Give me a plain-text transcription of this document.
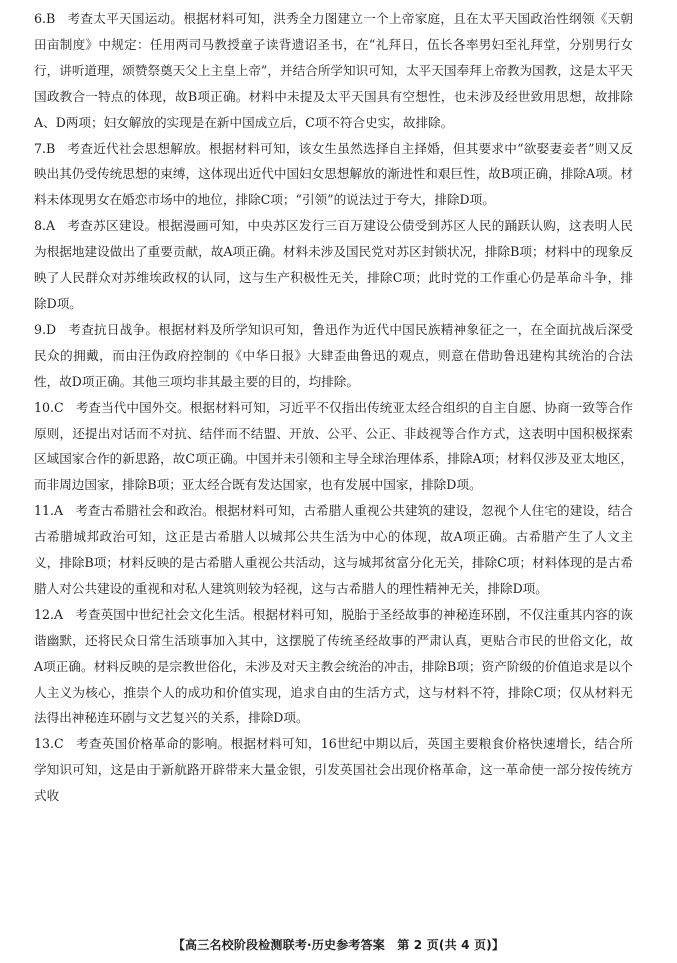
6.B 考查太平天国运动。根据材料可知，洪秀全力图建立一个上帝家庭，且在太平天国政治性纲领《天朝田亩制度》中规定：任用两司马教授童子读背遗诏圣书，在“礼拜日，伍长各率男妇至礼拜堂，分别男行女行，讲听道理，颂赞祭奠天父上主皇上帝”，并结合所学知识可知，太平天国奉拜上帝教为国教，这是太平天国政教合一特点的体现，故B项正确。材料中未提及太平天国具有空想性，也未涉及经世致用思想，故排除A、D两项；妇女解放的实现是在新中国成立后，C项不符合史实，故排除。

7.B 考查近代社会思想解放。根据材料可知，该女生虽然选择自主择婚，但其要求中“欲娶妻妾者”则又反映出其仍受传统思想的束缚，这体现出近代中国妇女思想解放的渐进性和艰巨性，故B项正确，排除A项。材料未体现男女在婚恋市场中的地位，排除C项；“引领”的说法过于夸大，排除D项。

8.A 考查苏区建设。根据漫画可知，中央苏区发行三百万建设公债受到苏区人民的踊跃认购，这表明人民为根据地建设做出了重要贡献，故A项正确。材料未涉及国民党对苏区封锁状况，排除B项；材料中的现象反映了人民群众对苏维埃政权的认同，这与生产积极性无关，排除C项；此时党的工作重心仍是革命斗争，排除D项。

9.D 考查抗日战争。根据材料及所学知识可知，鲁迅作为近代中国民族精神象征之一，在全面抗战后深受民众的拥戴，而由汪伪政府控制的《中华日报》大肆歪曲鲁迅的观点，则意在借助鲁迅建构其统治的合法性，故D项正确。其他三项均非其最主要的目的，均排除。

10.C 考查当代中国外交。根据材料可知，习近平不仅指出传统亚太经合组织的自主自愿、协商一致等合作原则，还提出对话而不对抗、结伴而不结盟、开放、公平、公正、非歧视等合作方式，这表明中国积极探索区域国家合作的新思路，故C项正确。中国并未引领和主导全球治理体系，排除A项；材料仅涉及亚太地区，而非周边国家，排除B项；亚太经合既有发达国家，也有发展中国家，排除D项。

11.A 考查古希腊社会和政治。根据材料可知，古希腊人重视公共建筑的建设，忽视个人住宅的建设，结合古希腊城邦政治可知，这正是古希腊人以城邦公共生活为中心的体现，故A项正确。古希腊产生了人文主义，排除B项；材料反映的是古希腊人重视公共活动，这与城邦贫富分化无关，排除C项；材料体现的是古希腊人对公共建设的重视和对私人建筑则较为轻视，这与古希腊人的理性精神无关，排除D项。

12.A 考查英国中世纪社会文化生活。根据材料可知，脱胎于圣经故事的神秘连环剧，不仅注重其内容的诙谐幽默，还将民众日常生活琐事加入其中，这摆脱了传统圣经故事的严肃认真，更贴合市民的世俗文化，故A项正确。材料反映的是宗教世俗化，未涉及对天主教会统治的冲击，排除B项；资产阶级的价值追求是以个人主义为核心，推崇个人的成功和价值实现，追求自由的生活方式，这与材料不符，排除C项；仅从材料无法得出神秘连环剧与文艺复兴的关系，排除D项。

13.C 考查英国价格革命的影响。根据材料可知，16世纪中期以后，英国主要粮食价格快速增长，结合所学知识可知，这是由于新航路开辟带来大量金银，引发英国社会出现价格革命，这一革命使一部分按传统方式收

【高三名校阶段检测联考·历史参考答案　第 2 页(共 4 页)】
